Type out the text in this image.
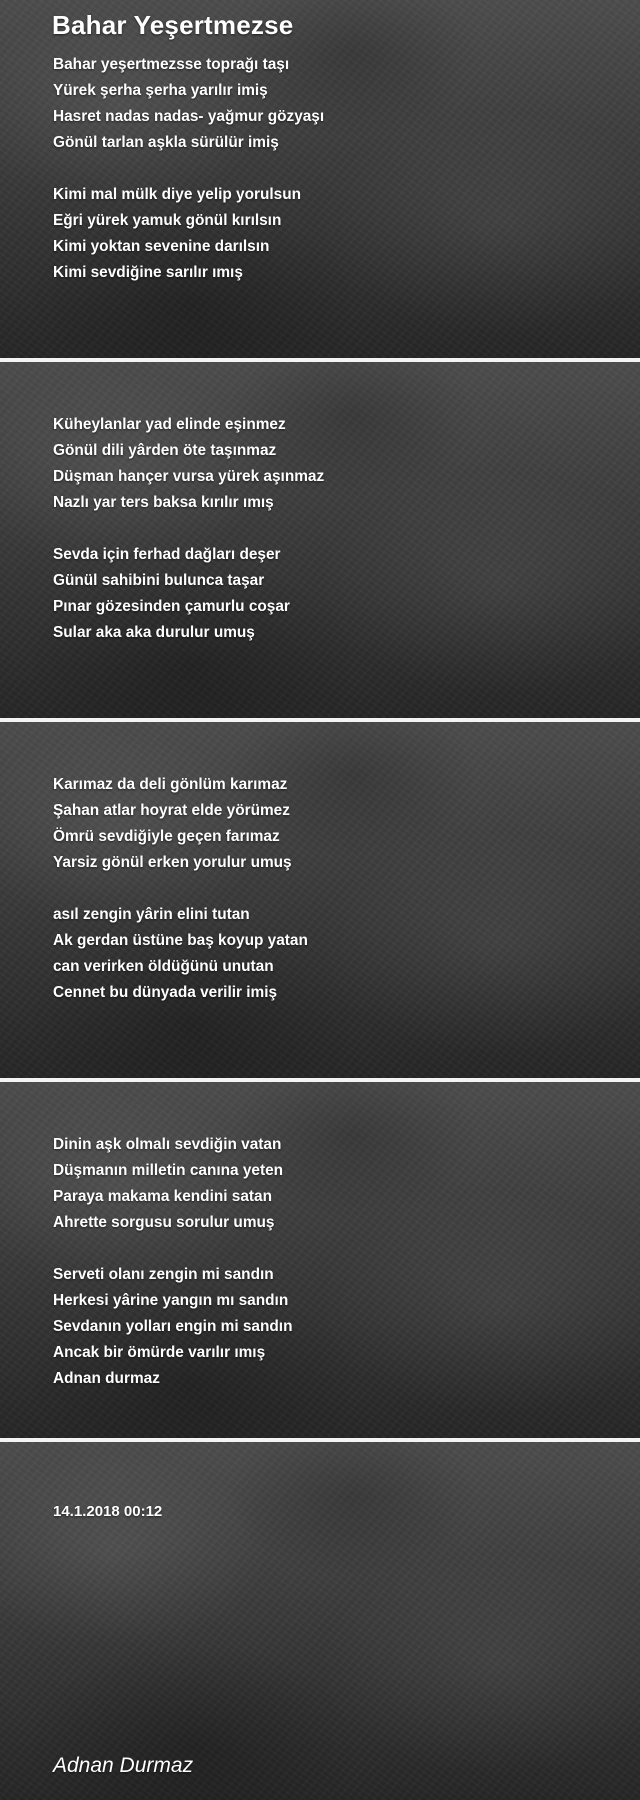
Bahar Yeşertmezse
Bahar yeşertmezsse toprağı taşı
Yürek şerha şerha yarılır imiş
Hasret nadas nadas- yağmur gözyaşı
Gönül tarlan aşkla sürülür imiş
Kimi mal mülk diye yelip yorulsun
Eğri yürek yamuk gönül kırılsın
Kimi yoktan sevenine darılsın
Kimi sevdiğine sarılır ımış
Küheylanlar yad elinde eşinmez
Gönül dili yârden öte taşınmaz
Düşman hançer vursa yürek aşınmaz
Nazlı yar ters baksa kırılır ımış
Sevda için ferhad dağları deşer
Günül sahibini bulunca taşar
Pınar gözesinden çamurlu coşar
Sular aka aka durulur umuş
Karımaz da deli gönlüm karımaz
Şahan atlar hoyrat elde yörümez
Ömrü sevdiğiyle geçen farımaz
Yarsiz gönül erken yorulur umuş
asıl zengin yârin elini tutan
Ak gerdan üstüne baş koyup yatan
can verirken öldüğünü unutan
Cennet bu dünyada verilir imiş
Dinin aşk olmalı sevdiğin vatan
Düşmanın milletin canına yeten
Paraya makama kendini satan
Ahrette sorgusu sorulur umuş
Serveti olanı zengin mi sandın
Herkesi yârine yangın mı sandın
Sevdanın yolları engin mi sandın
Ancak bir ömürde varılır ımış
Adnan durmaz
14.1.2018 00:12
Adnan Durmaz
